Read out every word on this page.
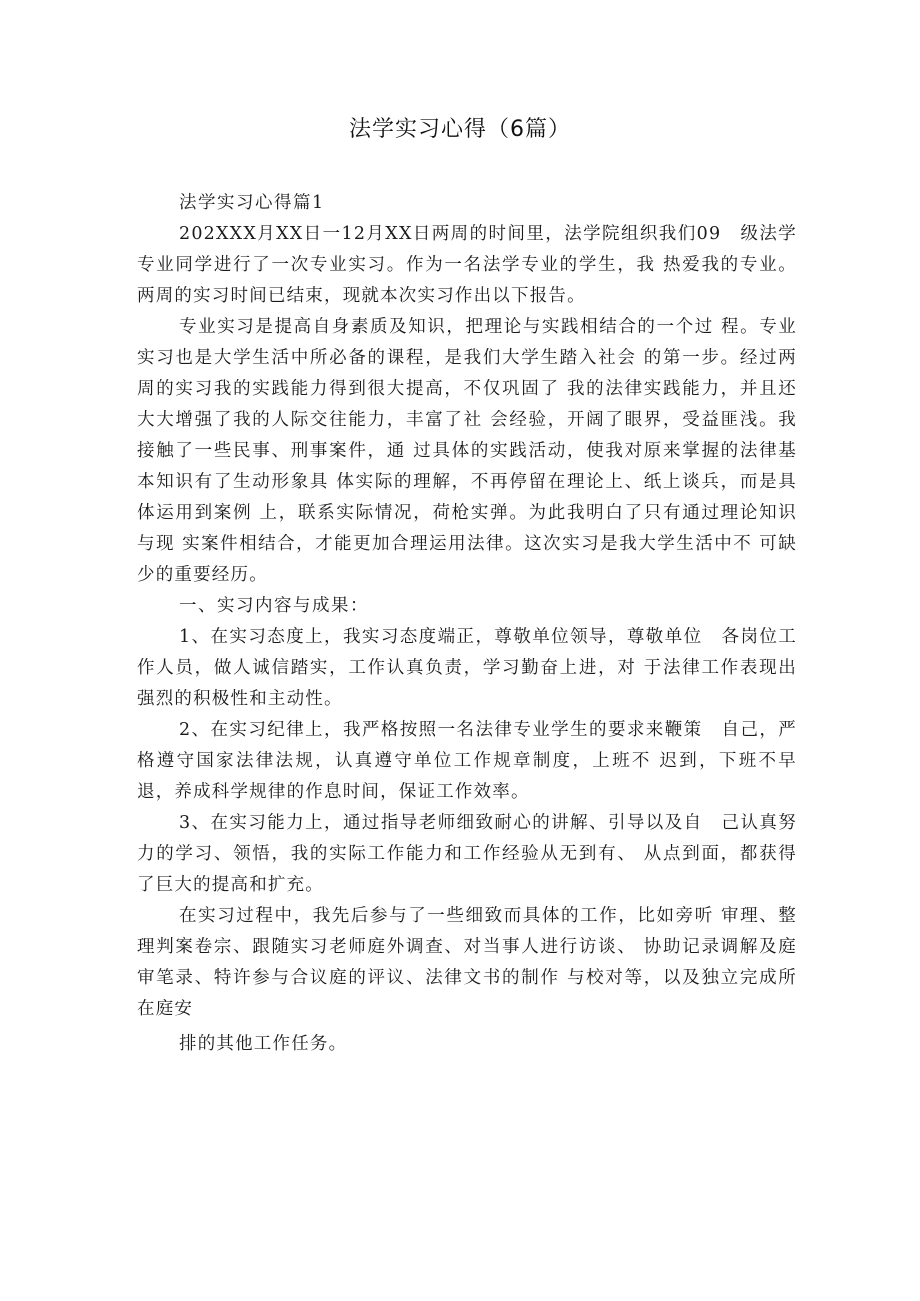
法学实习心得（6篇）

法学实习心得篇1

202XXX月XX日一12月XX日两周的时间里，法学院组织我们09　级法学专业同学进行了一次专业实习。作为一名法学专业的学生，我 热爱我的专业。两周的实习时间已结束，现就本次实习作出以下报告。

专业实习是提高自身素质及知识，把理论与实践相结合的一个过 程。专业实习也是大学生活中所必备的课程，是我们大学生踏入社会 的第一步。经过两周的实习我的实践能力得到很大提高，不仅巩固了 我的法律实践能力，并且还大大增强了我的人际交往能力，丰富了社 会经验，开阔了眼界，受益匪浅。我接触了一些民事、刑事案件，通 过具体的实践活动，使我对原来掌握的法律基本知识有了生动形象具 体实际的理解，不再停留在理论上、纸上谈兵，而是具体运用到案例 上，联系实际情况，荷枪实弹。为此我明白了只有通过理论知识与现 实案件相结合，才能更加合理运用法律。这次实习是我大学生活中不 可缺少的重要经历。

一、实习内容与成果：

1、在实习态度上，我实习态度端正，尊敬单位领导，尊敬单位　各岗位工作人员，做人诚信踏实，工作认真负责，学习勤奋上进，对 于法律工作表现出强烈的积极性和主动性。

2、在实习纪律上，我严格按照一名法律专业学生的要求来鞭策　自己，严格遵守国家法律法规，认真遵守单位工作规章制度，上班不 迟到，下班不早退，养成科学规律的作息时间，保证工作效率。

3、在实习能力上，通过指导老师细致耐心的讲解、引导以及自　己认真努力的学习、领悟，我的实际工作能力和工作经验从无到有、 从点到面，都获得了巨大的提高和扩充。

在实习过程中，我先后参与了一些细致而具体的工作，比如旁听 审理、整理判案卷宗、跟随实习老师庭外调查、对当事人进行访谈、 协助记录调解及庭审笔录、特许参与合议庭的评议、法律文书的制作 与校对等，以及独立完成所在庭安

排的其他工作任务。
